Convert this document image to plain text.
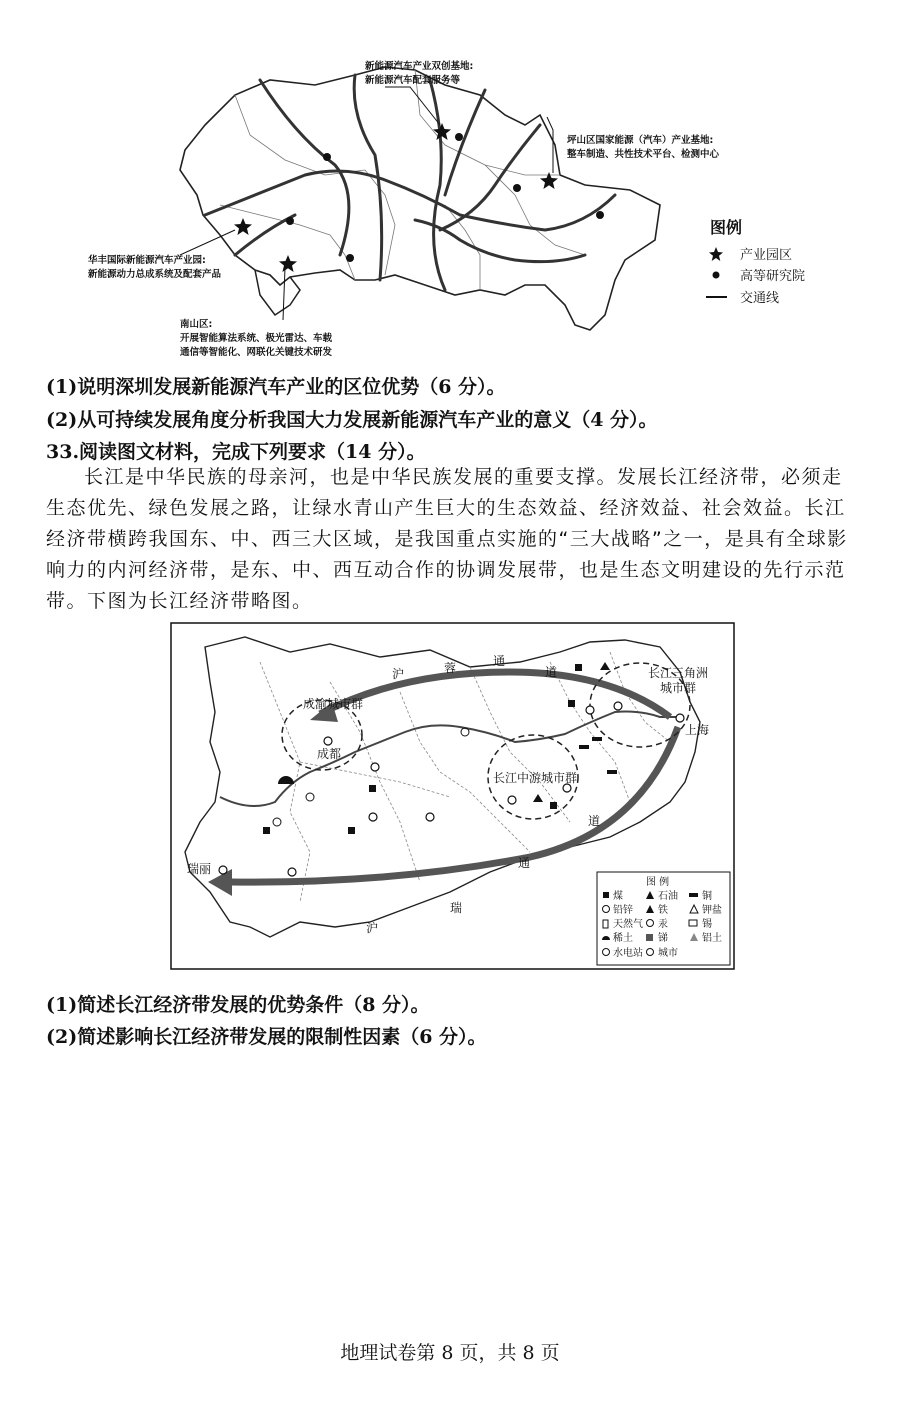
新能源汽车产业双创基地:
新能源汽车配套服务等
坪山区国家能源（汽车）产业基地:
整车制造、共性技术平台、检测中心
华丰国际新能源汽车产业园:
新能源动力总成系统及配套产品
南山区:
开展智能算法系统、极光雷达、车载
通信等智能化、网联化关键技术研发
图例
产业园区
高等研究院
交通线
(1)说明深圳发展新能源汽车产业的区位优势（6 分）。
(2)从可持续发展角度分析我国大力发展新能源汽车产业的意义（4 分）。
33.阅读图文材料，完成下列要求（14 分）。
长江是中华民族的母亲河，也是中华民族发展的重要支撑。发展长江经济带，必须走生态优先、绿色发展之路，让绿水青山产生巨大的生态效益、经济效益、社会效益。长江经济带横跨我国东、中、西三大区域，是我国重点实施的“三大战略”之一，是具有全球影响力的内河经济带，是东、中、西互动合作的协调发展带，也是生态文明建设的先行示范带。下图为长江经济带略图。
成渝城市群
成都
长江三角洲
城市群
上海
长江中游城市群
瑞丽
沪	蓉	通
道
道
通
瑞
沪
图 例
煤	石油 铜
铅锌	铁	钾盐
天然气 汞	锡
稀土	锑	铝土
水电站 城市
(1)简述长江经济带发展的优势条件（8 分）。
(2)简述影响长江经济带发展的限制性因素（6 分）。
地理试卷第 8 页，共 8 页
